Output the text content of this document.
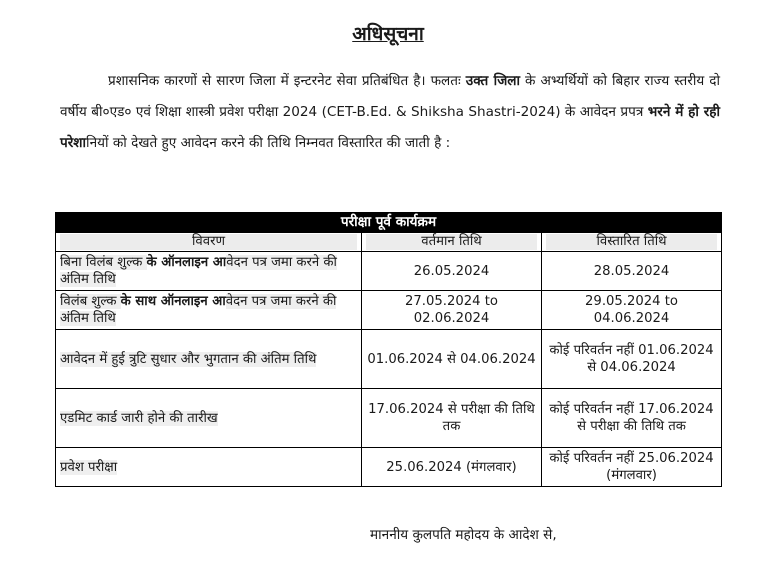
अधिसूचना
प्रशासनिक कारणों से सारण जिला में इन्टरनेट सेवा प्रतिबंधित है। फलतः उक्त जिला के अभ्यर्थियों को बिहार राज्य स्तरीय दो वर्षीय बी०एड० एवं शिक्षा शास्त्री प्रवेश परीक्षा 2024 (CET-B.Ed. & Shiksha Shastri-2024) के आवेदन प्रपत्र भरने में हो रही परेशानियों को देखते हुए आवेदन करने की तिथि निम्नवत विस्तारित की जाती है :
परीक्षा पूर्व कार्यक्रम		

विवरण	वर्तमान तिथि	विस्तारित तिथि

बिना विलंब शुल्क के ऑनलाइन आवेदन पत्र जमा करने की अंतिम तिथि	26.05.2024	28.05.2024
विलंब शुल्क के साथ ऑनलाइन आवेदन पत्र जमा करने की अंतिम तिथि	27.05.2024 to 02.06.2024	29.05.2024 to 04.06.2024
आवेदन में हुई त्रुटि सुधार और भुगतान की अंतिम तिथि	01.06.2024 से 04.06.2024	कोई परिवर्तन नहीं 01.06.2024 से 04.06.2024
एडमिट कार्ड जारी होने की तारीख	17.06.2024 से परीक्षा की तिथि तक	कोई परिवर्तन नहीं 17.06.2024 से परीक्षा की तिथि तक
प्रवेश परीक्षा	25.06.2024 (मंगलवार)	कोई परिवर्तन नहीं 25.06.2024 (मंगलवार)
माननीय कुलपति महोदय के आदेश से,
